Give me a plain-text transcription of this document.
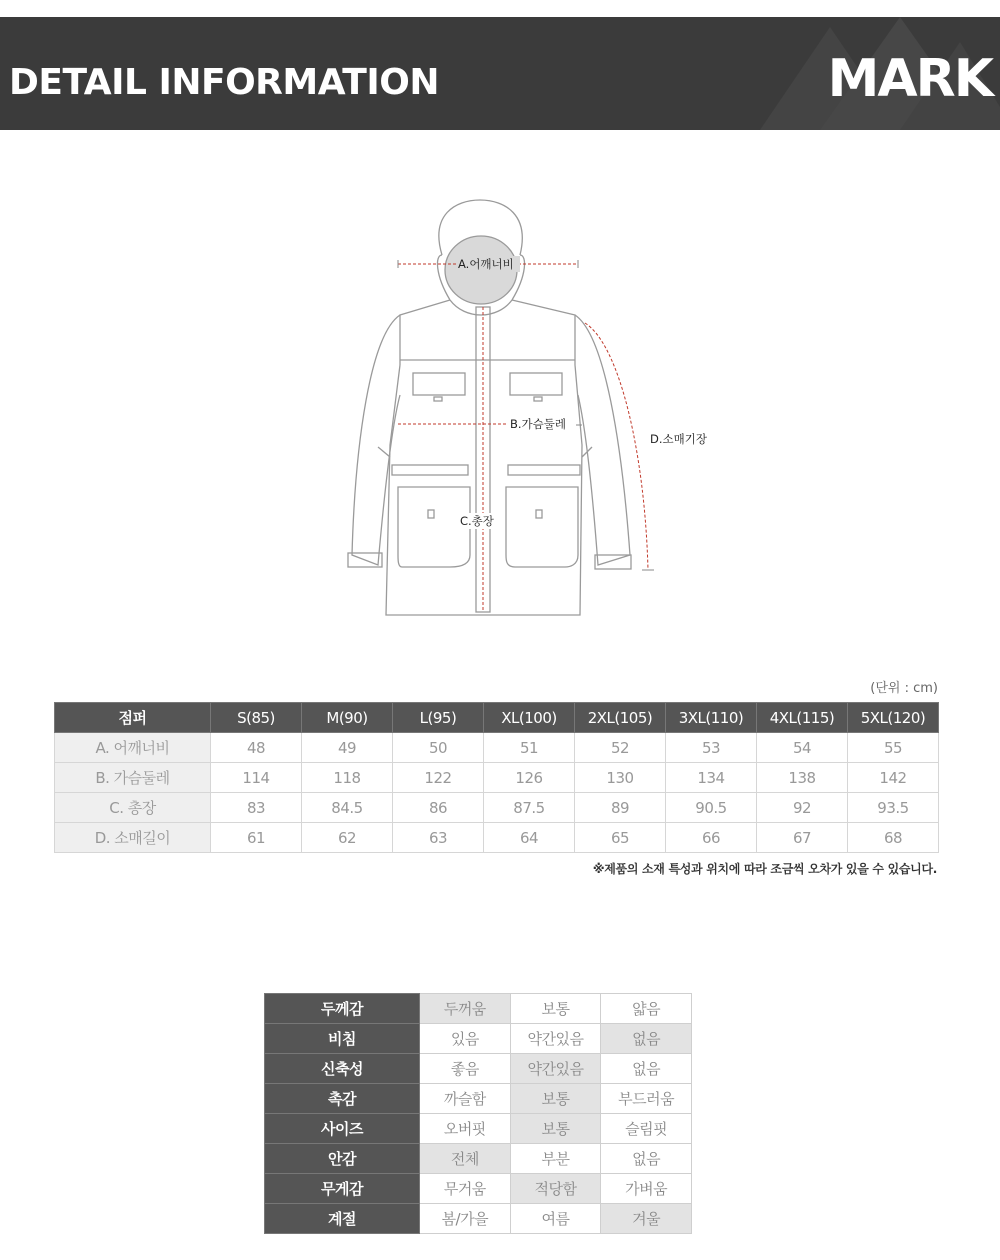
DETAIL INFORMATION	MARK
A.어깨너비
B.가슴둘레
C.총장
D.소매기장
(단위 : cm)
점퍼	S(85)	M(90)	L(95)	XL(100)	2XL(105)	3XL(110)	4XL(115)	5XL(120)
A. 어깨너비	48	49	50	51	52	53	54	55
B. 가슴둘레	114	118	122	126	130	134	138	142
C. 총장	83	84.5	86	87.5	89	90.5	92	93.5
D. 소매길이	61	62	63	64	65	66	67	68
※제품의 소재 특성과 위치에 따라 조금씩 오차가 있을 수 있습니다.
두께감	두꺼움	보통	얇음
비침	있음	약간있음	없음
신축성	좋음	약간있음	없음
촉감	까슬함	보통	부드러움
사이즈	오버핏	보통	슬림핏
안감	전체	부분	없음
무게감	무거움	적당함	가벼움
계절	봄/가을	여름	겨울
